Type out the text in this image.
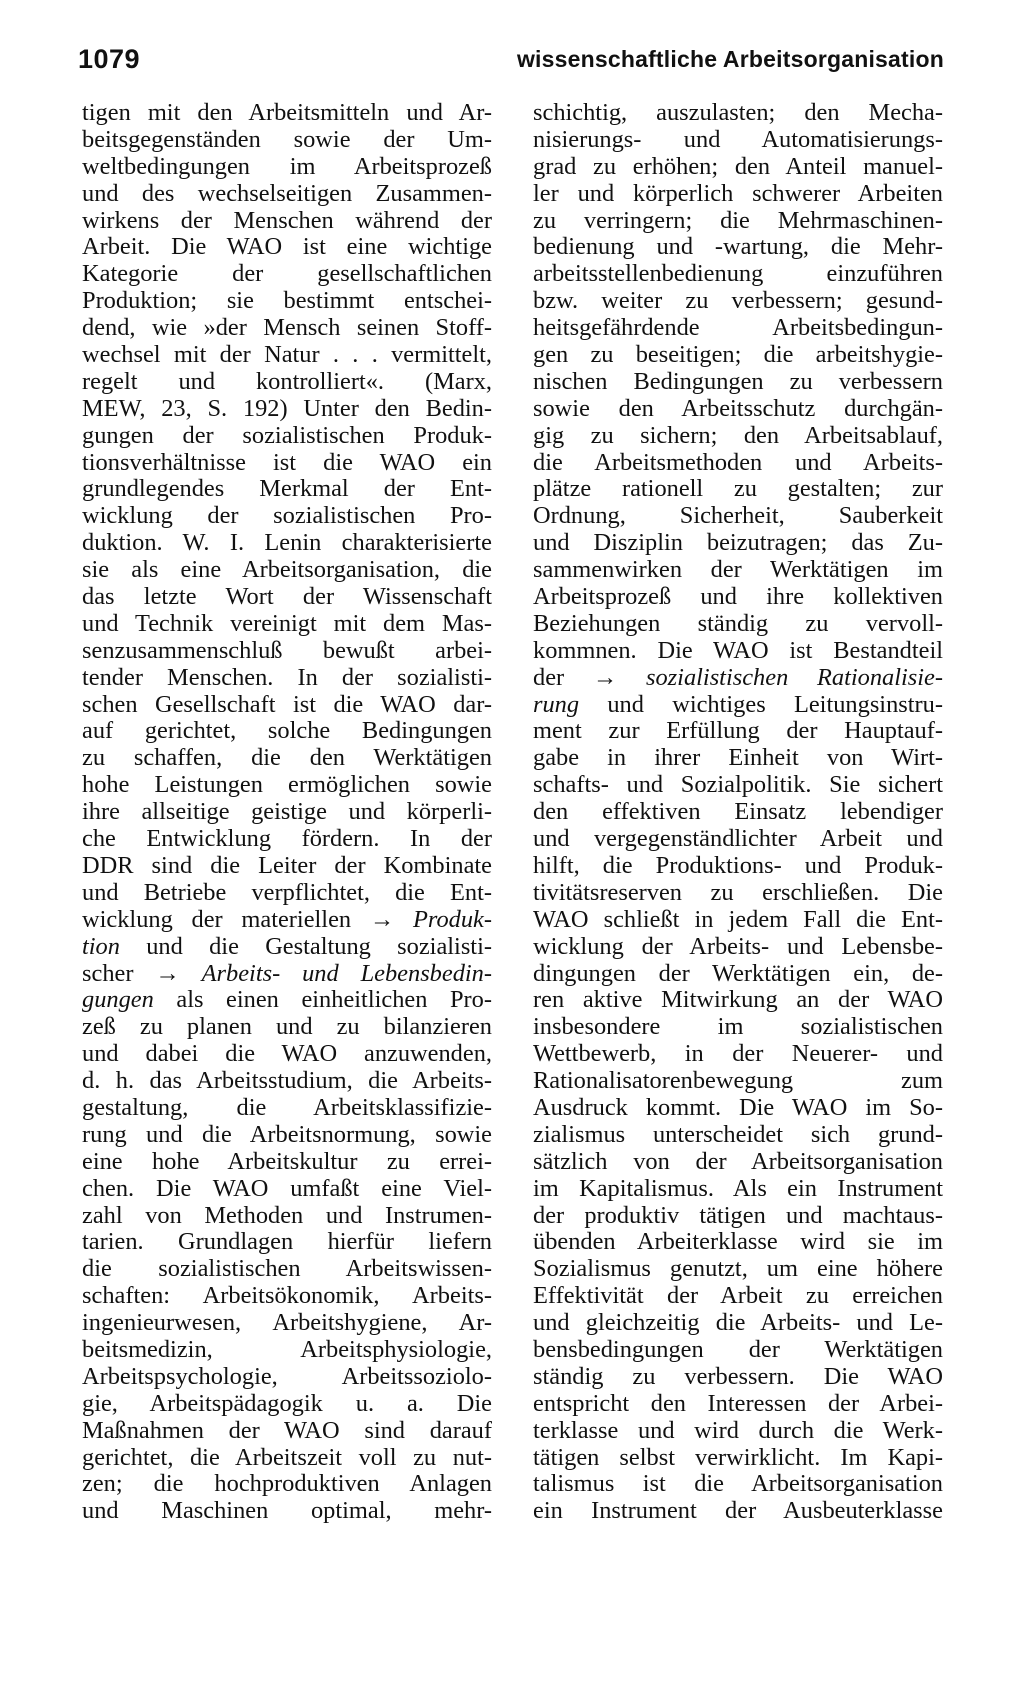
1079	wissenschaftliche Arbeitsorganisation
tigen mit den Arbeitsmitteln und Ar-
beitsgegenständen sowie der Um-
weltbedingungen im Arbeitsprozeß
und des wechselseitigen Zusammen-
wirkens der Menschen während der
Arbeit. Die WAO ist eine wichtige
Kategorie der gesellschaftlichen
Produktion; sie bestimmt entschei-
dend, wie »der Mensch seinen Stoff-
wechsel mit der Natur . . . vermittelt,
regelt und kontrolliert«. (Marx,
MEW, 23, S. 192) Unter den Bedin-
gungen der sozialistischen Produk-
tionsverhältnisse ist die WAO ein
grundlegendes Merkmal der Ent-
wicklung der sozialistischen Pro-
duktion. W. I. Lenin charakterisierte
sie als eine Arbeitsorganisation, die
das letzte Wort der Wissenschaft
und Technik vereinigt mit dem Mas-
senzusammenschluß bewußt arbei-
tender Menschen. In der sozialisti-
schen Gesellschaft ist die WAO dar-
auf gerichtet, solche Bedingungen
zu schaffen, die den Werktätigen
hohe Leistungen ermöglichen sowie
ihre allseitige geistige und körperli-
che Entwicklung fördern. In der
DDR sind die Leiter der Kombinate
und Betriebe verpflichtet, die Ent-
wicklung der materiellen → Produk-
tion und die Gestaltung sozialisti-
scher → Arbeits- und Lebensbedin-
gungen als einen einheitlichen Pro-
zeß zu planen und zu bilanzieren
und dabei die WAO anzuwenden,
d. h. das Arbeitsstudium, die Arbeits-
gestaltung, die Arbeitsklassifizie-
rung und die Arbeitsnormung, sowie
eine hohe Arbeitskultur zu errei-
chen. Die WAO umfaßt eine Viel-
zahl von Methoden und Instrumen-
tarien. Grundlagen hierfür liefern
die sozialistischen Arbeitswissen-
schaften: Arbeitsökonomik, Arbeits-
ingenieurwesen, Arbeitshygiene, Ar-
beitsmedizin, Arbeitsphysiologie,
Arbeitspsychologie, Arbeitssoziolo-
gie, Arbeitspädagogik u. a. Die
Maßnahmen der WAO sind darauf
gerichtet, die Arbeitszeit voll zu nut-
zen; die hochproduktiven Anlagen
und Maschinen optimal, mehr-
schichtig, auszulasten; den Mecha-
nisierungs- und Automatisierungs-
grad zu erhöhen; den Anteil manuel-
ler und körperlich schwerer Arbeiten
zu verringern; die Mehrmaschinen-
bedienung und -wartung, die Mehr-
arbeitsstellenbedienung einzuführen
bzw. weiter zu verbessern; gesund-
heitsgefährdende Arbeitsbedingun-
gen zu beseitigen; die arbeitshygie-
nischen Bedingungen zu verbessern
sowie den Arbeitsschutz durchgän-
gig zu sichern; den Arbeitsablauf,
die Arbeitsmethoden und Arbeits-
plätze rationell zu gestalten; zur
Ordnung, Sicherheit, Sauberkeit
und Disziplin beizutragen; das Zu-
sammenwirken der Werktätigen im
Arbeitsprozeß und ihre kollektiven
Beziehungen ständig zu vervoll-
kommnen. Die WAO ist Bestandteil
der → sozialistischen Rationalisie-
rung und wichtiges Leitungsinstru-
ment zur Erfüllung der Hauptauf-
gabe in ihrer Einheit von Wirt-
schafts- und Sozialpolitik. Sie sichert
den effektiven Einsatz lebendiger
und vergegenständlichter Arbeit und
hilft, die Produktions- und Produk-
tivitätsreserven zu erschließen. Die
WAO schließt in jedem Fall die Ent-
wicklung der Arbeits- und Lebensbe-
dingungen der Werktätigen ein, de-
ren aktive Mitwirkung an der WAO
insbesondere im sozialistischen
Wettbewerb, in der Neuerer- und
Rationalisatorenbewegung zum
Ausdruck kommt. Die WAO im So-
zialismus unterscheidet sich grund-
sätzlich von der Arbeitsorganisation
im Kapitalismus. Als ein Instrument
der produktiv tätigen und machtaus-
übenden Arbeiterklasse wird sie im
Sozialismus genutzt, um eine höhere
Effektivität der Arbeit zu erreichen
und gleichzeitig die Arbeits- und Le-
bensbedingungen der Werktätigen
ständig zu verbessern. Die WAO
entspricht den Interessen der Arbei-
terklasse und wird durch die Werk-
tätigen selbst verwirklicht. Im Kapi-
talismus ist die Arbeitsorganisation
ein Instrument der Ausbeuterklasse
